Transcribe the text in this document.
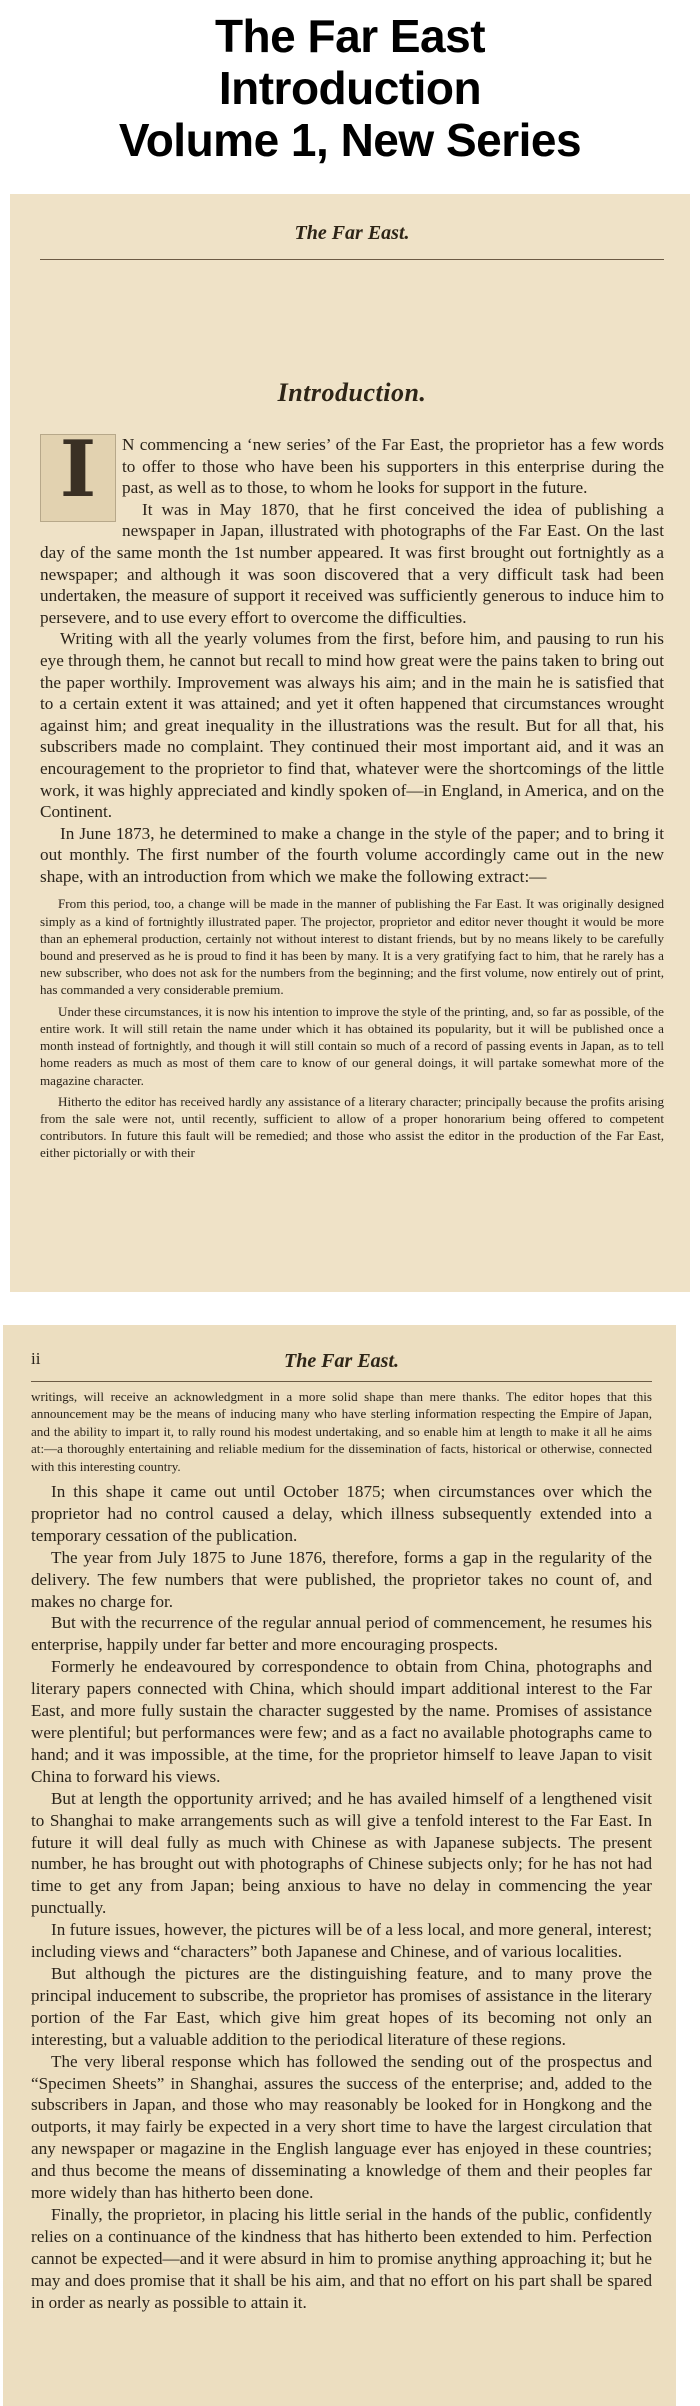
The Far East
Introduction
Volume 1, New Series
The Far East.
Introduction.

I	N commencing a ‘new series’ of the Far East, the proprietor has a few words to offer to those who have been his supporters in this enterprise during the past, as well as to those, to whom he looks for support in the future.

It was in May 1870, that he first conceived the idea of publishing a newspaper in Japan, illustrated with photographs of the Far East. On the last day of the same month the 1st number appeared. It was first brought out fortnightly as a newspaper; and although it was soon discovered that a very difficult task had been undertaken, the measure of support it received was sufficiently generous to induce him to persevere, and to use every effort to overcome the difficulties.

Writing with all the yearly volumes from the first, before him, and pausing to run his eye through them, he cannot but recall to mind how great were the pains taken to bring out the paper worthily. Improvement was always his aim; and in the main he is satisfied that to a certain extent it was attained; and yet it often happened that circumstances wrought against him; and great inequality in the illustrations was the result. But for all that, his subscribers made no complaint. They continued their most important aid, and it was an encouragement to the proprietor to find that, whatever were the shortcomings of the little work, it was highly appreciated and kindly spoken of—in England, in America, and on the Continent.

In June 1873, he determined to make a change in the style of the paper; and to bring it out monthly. The first number of the fourth volume accordingly came out in the new shape, with an introduction from which we make the following extract:—

From this period, too, a change will be made in the manner of publishing the Far East. It was originally designed simply as a kind of fortnightly illustrated paper. The projector, proprietor and editor never thought it would be more than an ephemeral production, certainly not without interest to distant friends, but by no means likely to be carefully bound and preserved as he is proud to find it has been by many. It is a very gratifying fact to him, that he rarely has a new subscriber, who does not ask for the numbers from the beginning; and the first volume, now entirely out of print, has commanded a very considerable premium.

Under these circumstances, it is now his intention to improve the style of the printing, and, so far as possible, of the entire work. It will still retain the name under which it has obtained its popularity, but it will be published once a month instead of fortnightly, and though it will still contain so much of a record of passing events in Japan, as to tell home readers as much as most of them care to know of our general doings, it will partake somewhat more of the magazine character.

Hitherto the editor has received hardly any assistance of a literary character; principally because the profits arising from the sale were not, until recently, sufficient to allow of a proper honorarium being offered to competent contributors. In future this fault will be remedied; and those who assist the editor in the production of the Far East, either pictorially or with their

ii	The Far East.

writings, will receive an acknowledgment in a more solid shape than mere thanks. The editor hopes that this announcement may be the means of inducing many who have sterling information respecting the Empire of Japan, and the ability to impart it, to rally round his modest undertaking, and so enable him at length to make it all he aims at:—a thoroughly entertaining and reliable medium for the dissemination of facts, historical or otherwise, connected with this interesting country.

In this shape it came out until October 1875; when circumstances over which the proprietor had no control caused a delay, which illness subsequently extended into a temporary cessation of the publication.

The year from July 1875 to June 1876, therefore, forms a gap in the regularity of the delivery. The few numbers that were published, the proprietor takes no count of, and makes no charge for.

But with the recurrence of the regular annual period of commencement, he resumes his enterprise, happily under far better and more encouraging prospects.

Formerly he endeavoured by correspondence to obtain from China, photographs and literary papers connected with China, which should impart additional interest to the Far East, and more fully sustain the character suggested by the name. Promises of assistance were plentiful; but performances were few; and as a fact no available photographs came to hand; and it was impossible, at the time, for the proprietor himself to leave Japan to visit China to forward his views.

But at length the opportunity arrived; and he has availed himself of a lengthened visit to Shanghai to make arrangements such as will give a tenfold interest to the Far East. In future it will deal fully as much with Chinese as with Japanese subjects. The present number, he has brought out with photographs of Chinese subjects only; for he has not had time to get any from Japan; being anxious to have no delay in commencing the year punctually.

In future issues, however, the pictures will be of a less local, and more general, interest; including views and “characters” both Japanese and Chinese, and of various localities.

But although the pictures are the distinguishing feature, and to many prove the principal inducement to subscribe, the proprietor has promises of assistance in the literary portion of the Far East, which give him great hopes of its becoming not only an interesting, but a valuable addition to the periodical literature of these regions.

The very liberal response which has followed the sending out of the prospectus and “Specimen Sheets” in Shanghai, assures the success of the enterprise; and, added to the subscribers in Japan, and those who may reasonably be looked for in Hongkong and the outports, it may fairly be expected in a very short time to have the largest circulation that any newspaper or magazine in the English language ever has enjoyed in these countries; and thus become the means of disseminating a knowledge of them and their peoples far more widely than has hitherto been done.

Finally, the proprietor, in placing his little serial in the hands of the public, confidently relies on a continuance of the kindness that has hitherto been extended to him. Perfection cannot be expected—and it were absurd in him to promise anything approaching it; but he may and does promise that it shall be his aim, and that no effort on his part shall be spared in order as nearly as possible to attain it.
